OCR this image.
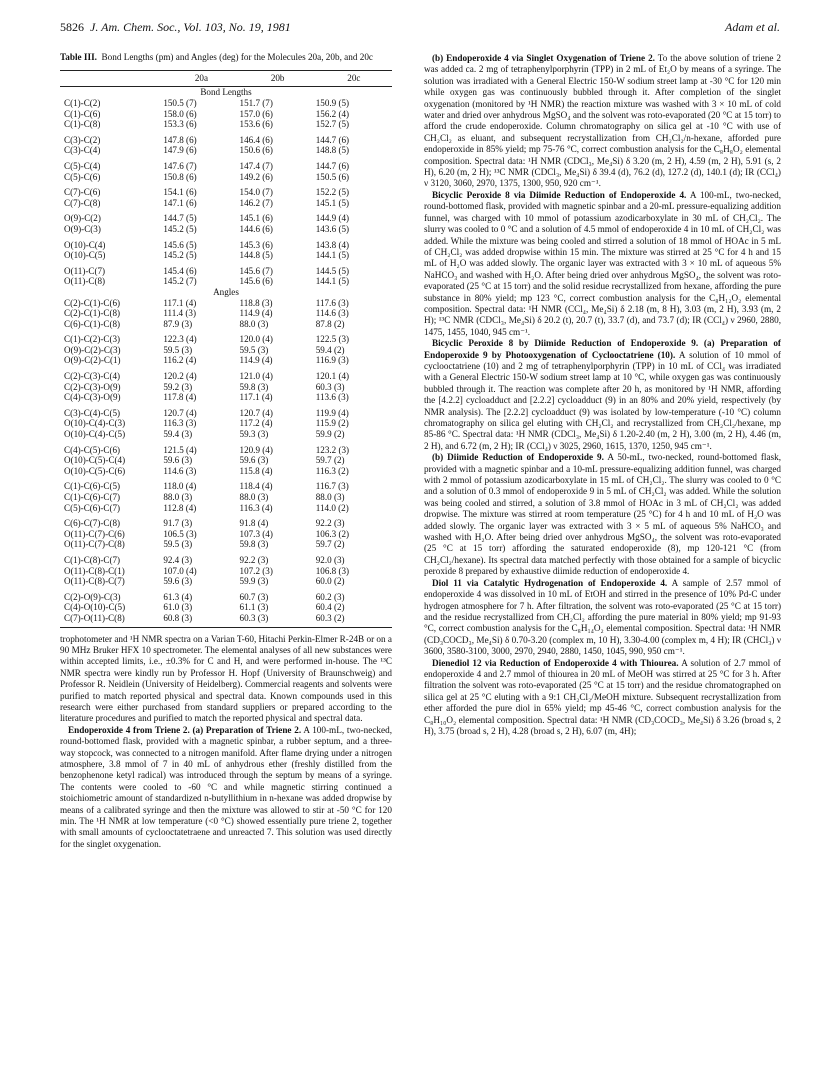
5826 J. Am. Chem. Soc., Vol. 103, No. 19, 1981	Adam et al.
Table III. Bond Lengths (pm) and Angles (deg) for the Molecules 20a, 20b, and 20c
	20a	20b	20c
Bond Lengths			
C(1)-C(2)	150.5 (7)	151.7 (7)	150.9 (5)
C(1)-C(6)	158.0 (6)	157.0 (6)	156.2 (4)
C(1)-C(8)	153.3 (6)	153.6 (6)	152.7 (5)

C(3)-C(2)	147.8 (6)	146.4 (6)	144.7 (6)
C(3)-C(4)	147.9 (6)	150.6 (6)	148.8 (5)

C(5)-C(4)	147.6 (7)	147.4 (7)	144.7 (6)
C(5)-C(6)	150.8 (6)	149.2 (6)	150.5 (6)

C(7)-C(6)	154.1 (6)	154.0 (7)	152.2 (5)
C(7)-C(8)	147.1 (6)	146.2 (7)	145.1 (5)

O(9)-C(2)	144.7 (5)	145.1 (6)	144.9 (4)
O(9)-C(3)	145.2 (5)	144.6 (6)	143.6 (5)

O(10)-C(4)	145.6 (5)	145.3 (6)	143.8 (4)
O(10)-C(5)	145.2 (5)	144.8 (5)	144.1 (5)

O(11)-C(7)	145.4 (6)	145.6 (7)	144.5 (5)
O(11)-C(8)	145.2 (7)	145.6 (6)	144.1 (5)
Angles			
C(2)-C(1)-C(6)	117.1 (4)	118.8 (3)	117.6 (3)
C(2)-C(1)-C(8)	111.4 (3)	114.9 (4)	114.6 (3)
C(6)-C(1)-C(8)	87.9 (3)	88.0 (3)	87.8 (2)

C(1)-C(2)-C(3)	122.3 (4)	120.0 (4)	122.5 (3)
O(9)-C(2)-C(3)	59.5 (3)	59.5 (3)	59.4 (2)
O(9)-C(2)-C(1)	116.2 (4)	114.9 (4)	116.9 (3)

C(2)-C(3)-C(4)	120.2 (4)	121.0 (4)	120.1 (4)
C(2)-C(3)-O(9)	59.2 (3)	59.8 (3)	60.3 (3)
C(4)-C(3)-O(9)	117.8 (4)	117.1 (4)	113.6 (3)

C(3)-C(4)-C(5)	120.7 (4)	120.7 (4)	119.9 (4)
O(10)-C(4)-C(3)	116.3 (3)	117.2 (4)	115.9 (2)
O(10)-C(4)-C(5)	59.4 (3)	59.3 (3)	59.9 (2)

C(4)-C(5)-C(6)	121.5 (4)	120.9 (4)	123.2 (3)
O(10)-C(5)-C(4)	59.6 (3)	59.6 (3)	59.7 (2)
O(10)-C(5)-C(6)	114.6 (3)	115.8 (4)	116.3 (2)

C(1)-C(6)-C(5)	118.0 (4)	118.4 (4)	116.7 (3)
C(1)-C(6)-C(7)	88.0 (3)	88.0 (3)	88.0 (3)
C(5)-C(6)-C(7)	112.8 (4)	116.3 (4)	114.0 (2)

C(6)-C(7)-C(8)	91.7 (3)	91.8 (4)	92.2 (3)
O(11)-C(7)-C(6)	106.5 (3)	107.3 (4)	106.3 (2)
O(11)-C(7)-C(8)	59.5 (3)	59.8 (3)	59.7 (2)

C(1)-C(8)-C(7)	92.4 (3)	92.2 (3)	92.0 (3)
O(11)-C(8)-C(1)	107.0 (4)	107.2 (3)	106.8 (3)
O(11)-C(8)-C(7)	59.6 (3)	59.9 (3)	60.0 (2)

C(2)-O(9)-C(3)	61.3 (4)	60.7 (3)	60.2 (3)
C(4)-O(10)-C(5)	61.0 (3)	61.1 (3)	60.4 (2)
C(7)-O(11)-C(8)	60.8 (3)	60.3 (3)	60.3 (2)

trophotometer and ¹H NMR spectra on a Varian T-60, Hitachi Perkin-Elmer R-24B or on a 90 MHz Bruker HFX 10 spectrometer. The elemental analyses of all new substances were within accepted limits, i.e., ±0.3% for C and H, and were performed in-house. The ¹³C NMR spectra were kindly run by Professor H. Hopf (University of Braunschweig) and Professor R. Neidlein (University of Heidelberg). Commercial reagents and solvents were purified to match reported physical and spectral data. Known compounds used in this research were either purchased from standard suppliers or prepared according to the literature procedures and purified to match the reported physical and spectral data.

Endoperoxide 4 from Triene 2. (a) Preparation of Triene 2. A 100-mL, two-necked, round-bottomed flask, provided with a magnetic spinbar, a rubber septum, and a three-way stopcock, was connected to a nitrogen manifold. After flame drying under a nitrogen atmosphere, 3.8 mmol of 7 in 40 mL of anhydrous ether (freshly distilled from the benzophenone ketyl radical) was introduced through the septum by means of a syringe. The contents were cooled to -60 °C and while magnetic stirring continued a stoichiometric amount of standardized n-butyllithium in n-hexane was added dropwise by means of a calibrated syringe and then the mixture was allowed to stir at -50 °C for 120 min. The ¹H NMR at low temperature (<0 °C) showed essentially pure triene 2, together with small amounts of cyclooctatetraene and unreacted 7. This solution was used directly for the singlet oxygenation.

(b) Endoperoxide 4 via Singlet Oxygenation of Triene 2. To the above solution of triene 2 was added ca. 2 mg of tetraphenylporphyrin (TPP) in 2 mL of Et₂O by means of a syringe. The solution was irradiated with a General Electric 150-W sodium street lamp at -30 °C for 120 min while oxygen gas was continuously bubbled through it. After completion of the singlet oxygenation (monitored by ¹H NMR) the reaction mixture was washed with 3 × 10 mL of cold water and dried over anhydrous MgSO₄ and the solvent was roto-evaporated (20 °C at 15 torr) to afford the crude endoperoxide. Column chromatography on silica gel at -10 °C with use of CH₂Cl₂ as eluant, and subsequent recrystallization from CH₂Cl₂/n-hexane, afforded pure endoperoxide in 85% yield; mp 75-76 °C, correct combustion analysis for the C₈H₈O₂ elemental composition. Spectral data: ¹H NMR (CDCl₃, Me₄Si) δ 3.20 (m, 2 H), 4.59 (m, 2 H), 5.91 (s, 2 H), 6.20 (m, 2 H); ¹³C NMR (CDCl₃, Me₄Si) δ 39.4 (d), 76.2 (d), 127.2 (d), 140.1 (d); IR (CCl₄) ν 3120, 3060, 2970, 1375, 1300, 950, 920 cm⁻¹.

Bicyclic Peroxide 8 via Diimide Reduction of Endoperoxide 4. A 100-mL, two-necked, round-bottomed flask, provided with magnetic spinbar and a 20-mL pressure-equalizing addition funnel, was charged with 10 mmol of potassium azodicarboxylate in 30 mL of CH₂Cl₂. The slurry was cooled to 0 °C and a solution of 4.5 mmol of endoperoxide 4 in 10 mL of CH₂Cl₂ was added. While the mixture was being cooled and stirred a solution of 18 mmol of HOAc in 5 mL of CH₂Cl₂ was added dropwise within 15 min. The mixture was stirred at 25 °C for 4 h and 15 mL of H₂O was added slowly. The organic layer was extracted with 3 × 10 mL of aqueous 5% NaHCO₃ and washed with H₂O. After being dried over anhydrous MgSO₄, the solvent was roto-evaporated (25 °C at 15 torr) and the solid residue recrystallized from hexane, affording the pure substance in 80% yield; mp 123 °C, correct combustion analysis for the C₈H₁₂O₂ elemental composition. Spectral data: ¹H NMR (CCl₄, Me₄Si) δ 2.18 (m, 8 H), 3.03 (m, 2 H), 3.93 (m, 2 H); ¹³C NMR (CDCl₃, Me₄Si) δ 20.2 (t), 20.7 (t), 33.7 (d), and 73.7 (d); IR (CCl₄) ν 2960, 2880, 1475, 1455, 1040, 945 cm⁻¹.

Bicyclic Peroxide 8 by Diimide Reduction of Endoperoxide 9. (a) Preparation of Endoperoxide 9 by Photooxygenation of Cyclooctatriene (10). A solution of 10 mmol of cyclooctatriene (10) and 2 mg of tetraphenylporphyrin (TPP) in 10 mL of CCl₄ was irradiated with a General Electric 150-W sodium street lamp at 10 °C, while oxygen gas was continuously bubbled through it. The reaction was complete after 20 h, as monitored by ¹H NMR, affording the [4.2.2] cycloadduct and [2.2.2] cycloadduct (9) in an 80% and 20% yield, respectively (by NMR analysis). The [2.2.2] cycloadduct (9) was isolated by low-temperature (-10 °C) column chromatography on silica gel eluting with CH₂Cl₂ and recrystallized from CH₂Cl₂/hexane, mp 85-86 °C. Spectral data: ¹H NMR (CDCl₃, Me₄Si) δ 1.20-2.40 (m, 2 H), 3.00 (m, 2 H), 4.46 (m, 2 H), and 6.72 (m, 2 H); IR (CCl₄) ν 3025, 2960, 1615, 1370, 1250, 945 cm⁻¹.

(b) Diimide Reduction of Endoperoxide 9. A 50-mL, two-necked, round-bottomed flask, provided with a magnetic spinbar and a 10-mL pressure-equalizing addition funnel, was charged with 2 mmol of potassium azodicarboxylate in 15 mL of CH₂Cl₂. The slurry was cooled to 0 °C and a solution of 0.3 mmol of endoperoxide 9 in 5 mL of CH₂Cl₂ was added. While the solution was being cooled and stirred, a solution of 3.8 mmol of HOAc in 3 mL of CH₂Cl₂ was added dropwise. The mixture was stirred at room temperature (25 °C) for 4 h and 10 mL of H₂O was added slowly. The organic layer was extracted with 3 × 5 mL of aqueous 5% NaHCO₃ and washed with H₂O. After being dried over anhydrous MgSO₄, the solvent was roto-evaporated (25 °C at 15 torr) affording the saturated endoperoxide (8), mp 120-121 °C (from CH₂Cl₂/hexane). Its spectral data matched perfectly with those obtained for a sample of bicyclic peroxide 8 prepared by exhaustive diimide reduction of endoperoxide 4.

Diol 11 via Catalytic Hydrogenation of Endoperoxide 4. A sample of 2.57 mmol of endoperoxide 4 was dissolved in 10 mL of EtOH and stirred in the presence of 10% Pd-C under hydrogen atmosphere for 7 h. After filtration, the solvent was roto-evaporated (25 °C at 15 torr) and the residue recrystallized from CH₂Cl₂ affording the pure material in 80% yield; mp 91-93 °C, correct combustion analysis for the C₈H₁₄O₂ elemental composition. Spectral data: ¹H NMR (CD₃COCD₃, Me₄Si) δ 0.70-3.20 (complex m, 10 H), 3.30-4.00 (complex m, 4 H); IR (CHCl₃) ν 3600, 3580-3100, 3000, 2970, 2940, 2880, 1450, 1045, 990, 950 cm⁻¹.

Dienediol 12 via Reduction of Endoperoxide 4 with Thiourea. A solution of 2.7 mmol of endoperoxide 4 and 2.7 mmol of thiourea in 20 mL of MeOH was stirred at 25 °C for 3 h. After filtration the solvent was roto-evaporated (25 °C at 15 torr) and the residue chromatographed on silica gel at 25 °C eluting with a 9:1 CH₂Cl₂/MeOH mixture. Subsequent recrystallization from ether afforded the pure diol in 65% yield; mp 45-46 °C, correct combustion analysis for the C₈H₁₀O₂ elemental composition. Spectral data: ¹H NMR (CD₃COCD₃, Me₄Si) δ 3.26 (broad s, 2 H), 3.75 (broad s, 2 H), 4.28 (broad s, 2 H), 6.07 (m, 4H);
